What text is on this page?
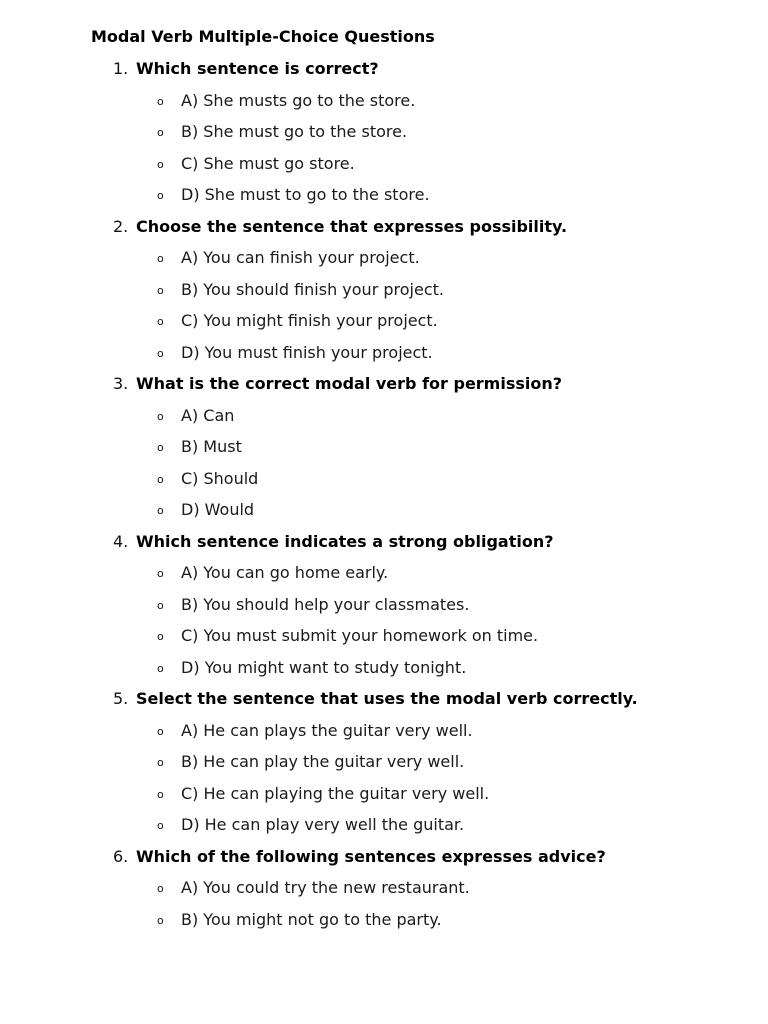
Modal Verb Multiple-Choice Questions
1. Which sentence is correct?
o A) She musts go to the store.
o B) She must go to the store.
o C) She must go store.
o D) She must to go to the store.
2. Choose the sentence that expresses possibility.
o A) You can finish your project.
o B) You should finish your project.
o C) You might finish your project.
o D) You must finish your project.
3. What is the correct modal verb for permission?
o A) Can
o B) Must
o C) Should
o D) Would
4. Which sentence indicates a strong obligation?
o A) You can go home early.
o B) You should help your classmates.
o C) You must submit your homework on time.
o D) You might want to study tonight.
5. Select the sentence that uses the modal verb correctly.
o A) He can plays the guitar very well.
o B) He can play the guitar very well.
o C) He can playing the guitar very well.
o D) He can play very well the guitar.
6. Which of the following sentences expresses advice?
o A) You could try the new restaurant.
o B) You might not go to the party.
